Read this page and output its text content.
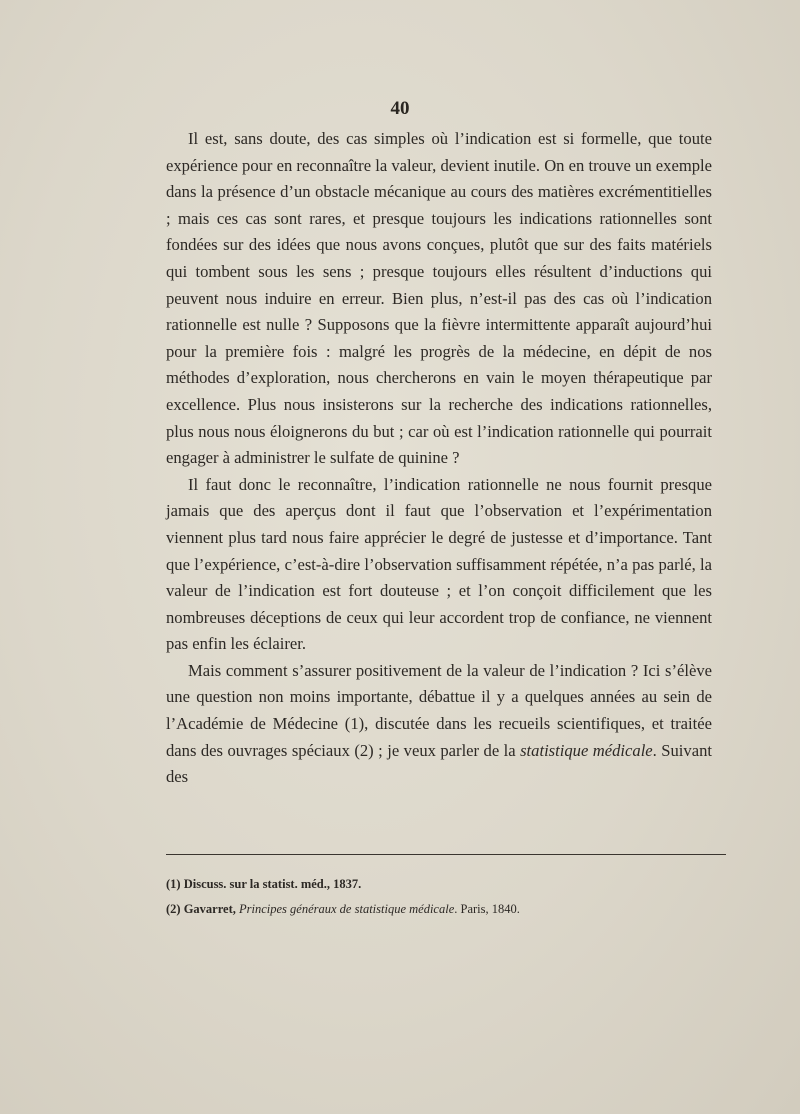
40

Il est, sans doute, des cas simples où l’indication est si formelle, que toute expérience pour en reconnaître la valeur, devient inutile. On en trouve un exemple dans la présence d’un obstacle mécanique au cours des matières excrémentitielles ; mais ces cas sont rares, et presque toujours les indications rationnelles sont fondées sur des idées que nous avons conçues, plutôt que sur des faits matériels qui tombent sous les sens ; presque toujours elles résultent d’inductions qui peuvent nous induire en erreur. Bien plus, n’est-il pas des cas où l’indication rationnelle est nulle ? Supposons que la fièvre intermittente apparaît aujourd’hui pour la première fois : malgré les progrès de la médecine, en dépit de nos méthodes d’exploration, nous chercherons en vain le moyen thérapeutique par excellence. Plus nous insisterons sur la recherche des indications rationnelles, plus nous nous éloignerons du but ; car où est l’indication rationnelle qui pourrait engager à administrer le sulfate de quinine ?

Il faut donc le reconnaître, l’indication rationnelle ne nous fournit presque jamais que des aperçus dont il faut que l’observation et l’expérimentation viennent plus tard nous faire apprécier le degré de justesse et d’importance. Tant que l’expérience, c’est-à-dire l’observation suffisamment répétée, n’a pas parlé, la valeur de l’indication est fort douteuse ; et l’on conçoit difficilement que les nombreuses déceptions de ceux qui leur accordent trop de confiance, ne viennent pas enfin les éclairer.

Mais comment s’assurer positivement de la valeur de l’indication ? Ici s’élève une question non moins importante, débattue il y a quelques années au sein de l’Académie de Médecine (1), discutée dans les recueils scientifiques, et traitée dans des ouvrages spéciaux (2) ; je veux parler de la statistique médicale. Suivant des

(1) Discuss. sur la statist. méd., 1837.
(2) Gavarret, Principes généraux de statistique médicale. Paris, 1840.
